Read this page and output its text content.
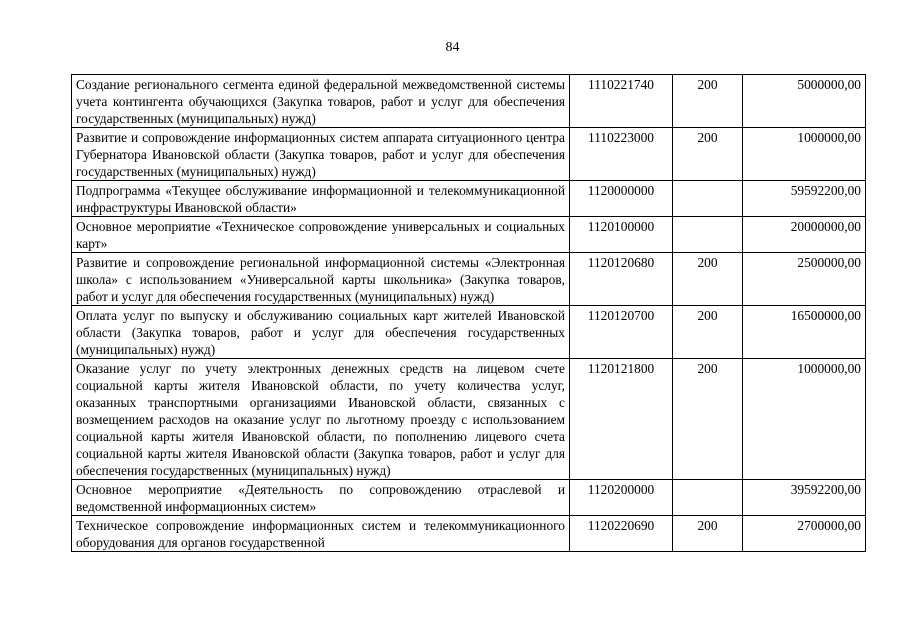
84
Создание регионального сегмента единой федеральной межведомственной системы учета контингента обучающихся (Закупка товаров, работ и услуг для обеспечения государственных (муниципальных) нужд)	1110221740	200	5000000,00
Развитие и сопровождение информационных систем аппарата ситуационного центра Губернатора Ивановской области (Закупка товаров, работ и услуг для обеспечения государственных (муниципальных) нужд)	1110223000	200	1000000,00
Подпрограмма «Текущее обслуживание информационной и телекоммуникационной инфраструктуры Ивановской области»	1120000000		59592200,00
Основное мероприятие «Техническое сопровождение универсальных и социальных карт»	1120100000		20000000,00
Развитие и сопровождение региональной информационной системы «Электронная школа» с использованием «Универсальной карты школьника» (Закупка товаров, работ и услуг для обеспечения государственных (муниципальных) нужд)	1120120680	200	2500000,00
Оплата услуг по выпуску и обслуживанию социальных карт жителей Ивановской области (Закупка товаров, работ и услуг для обеспечения государственных (муниципальных) нужд)	1120120700	200	16500000,00
Оказание услуг по учету электронных денежных средств на лицевом счете социальной карты жителя Ивановской области, по учету количества услуг, оказанных транспортными организациями Ивановской области, связанных с возмещением расходов на оказание услуг по льготному проезду с использованием социальной карты жителя Ивановской области, по пополнению лицевого счета социальной карты жителя Ивановской области (Закупка товаров, работ и услуг для обеспечения государственных (муниципальных) нужд)	1120121800	200	1000000,00
Основное мероприятие «Деятельность по сопровождению отраслевой и ведомственной информационных систем»	1120200000		39592200,00
Техническое сопровождение информационных систем и телекоммуникационного оборудования для органов государственной	1120220690	200	2700000,00
